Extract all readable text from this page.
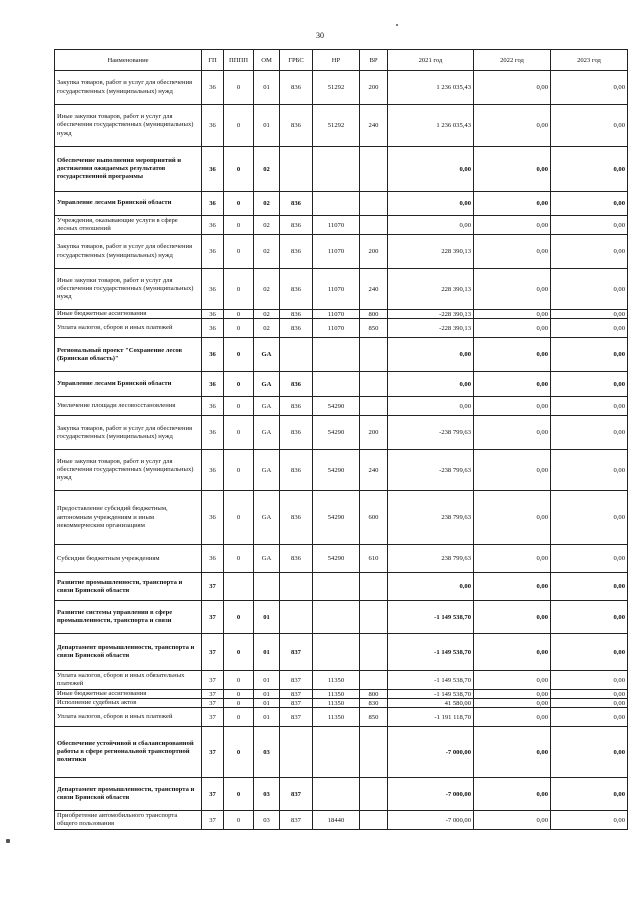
30
Наименование	ГП	ПППП	ОМ	ГРБС	НР	ВР	2021 год	2022 год	2023 год
Закупка товаров, работ и услуг для обеспечения государственных (муниципальных) нужд	36	0	01	836	51292	200	1 236 035,43	0,00	0,00
Иные закупки товаров, работ и услуг для обеспечения государственных (муниципальных) нужд	36	0	01	836	51292	240	1 236 035,43	0,00	0,00
Обеспечение выполнения мероприятий и достижения ожидаемых результатов государственной программы	36	0	02				0,00	0,00	0,00
Управление лесами Брянской области	36	0	02	836			0,00	0,00	0,00
Учреждения, оказывающие услуги в сфере лесных отношений	36	0	02	836	11070		0,00	0,00	0,00
Закупка товаров, работ и услуг для обеспечения государственных (муниципальных) нужд	36	0	02	836	11070	200	228 390,13	0,00	0,00
Иные закупки товаров, работ и услуг для обеспечения государственных (муниципальных) нужд	36	0	02	836	11070	240	228 390,13	0,00	0,00
Иные бюджетные ассигнования	36	0	02	836	11070	800	-228 390,13	0,00	0,00
Уплата налогов, сборов и иных платежей	36	0	02	836	11070	850	-228 390,13	0,00	0,00
Региональный проект "Сохранение лесов (Брянская область)"	36	0	GA				0,00	0,00	0,00
Управление лесами Брянской области	36	0	GA	836			0,00	0,00	0,00
Увеличение площади лесовосстановления	36	0	GA	836	54290		0,00	0,00	0,00
Закупка товаров, работ и услуг для обеспечения государственных (муниципальных) нужд	36	0	GA	836	54290	200	-238 799,63	0,00	0,00
Иные закупки товаров, работ и услуг для обеспечения государственных (муниципальных) нужд	36	0	GA	836	54290	240	-238 799,63	0,00	0,00
Предоставление субсидий бюджетным, автономным учреждениям и иным некоммерческим организациям	36	0	GA	836	54290	600	238 799,63	0,00	0,00
Субсидии бюджетным учреждениям	36	0	GA	836	54290	610	238 799,63	0,00	0,00
Развитие промышленности, транспорта и связи Брянской области	37						0,00	0,00	0,00
Развитие системы управления в сфере промышленности, транспорта и связи	37	0	01				-1 149 538,70	0,00	0,00
Департамент промышленности, транспорта и связи Брянской области	37	0	01	837			-1 149 538,70	0,00	0,00
Уплата налогов, сборов и иных обязательных платежей	37	0	01	837	11350		-1 149 538,70	0,00	0,00
Иные бюджетные ассигнования	37	0	01	837	11350	800	-1 149 538,70	0,00	0,00
Исполнение судебных актов	37	0	01	837	11350	830	41 580,00	0,00	0,00
Уплата налогов, сборов и иных платежей	37	0	01	837	11350	850	-1 191 118,70	0,00	0,00
Обеспечение устойчивой и сбалансированной работы в сфере региональной транспортной политики	37	0	03				-7 000,00	0,00	0,00
Департамент промышленности, транспорта и связи Брянской области	37	0	03	837			-7 000,00	0,00	0,00
Приобретение автомобильного транспорта общего пользования	37	0	03	837	18440		-7 000,00	0,00	0,00
